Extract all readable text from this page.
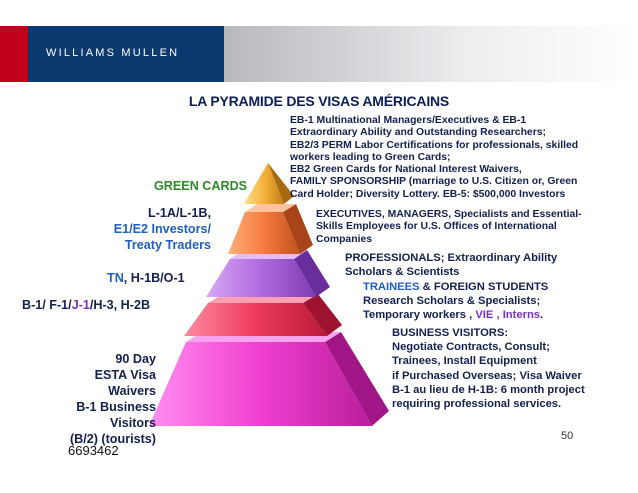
WILLIAMS MULLEN
LA PYRAMIDE DES VISAS AMÉRICAINS
GREEN CARDS
L-1A/L-1B,
E1/E2 Investors/
Treaty Traders
TN, H-1B/O-1
B-1/ F-1/J-1/H-3, H-2B
90 Day
ESTA Visa
Waivers
B-1 Business
Visitors
(B/2) (tourists)
EB-1 Multinational Managers/Executives & EB-1
Extraordinary Ability and Outstanding Researchers;
EB2/3 PERM Labor Certifications for professionals, skilled
workers leading to Green Cards;
EB2 Green Cards for National Interest Waivers,
FAMILY SPONSORSHIP (marriage to U.S. Citizen or, Green
Card Holder; Diversity Lottery. EB-5: $500,000 Investors
EXECUTIVES, MANAGERS, Specialists and Essential-
Skills Employees for U.S. Offices of International
Companies
PROFESSIONALS; Extraordinary Ability
Scholars & Scientists
TRAINEES & FOREIGN STUDENTS
Research Scholars & Specialists;
Temporary workers , VIE , Interns.
BUSINESS VISITORS:
Negotiate Contracts, Consult;
Trainees, Install Equipment
if Purchased Overseas; Visa Waiver
B-1 au lieu de H-1B: 6 month project
requiring professional services.
50
6693462
